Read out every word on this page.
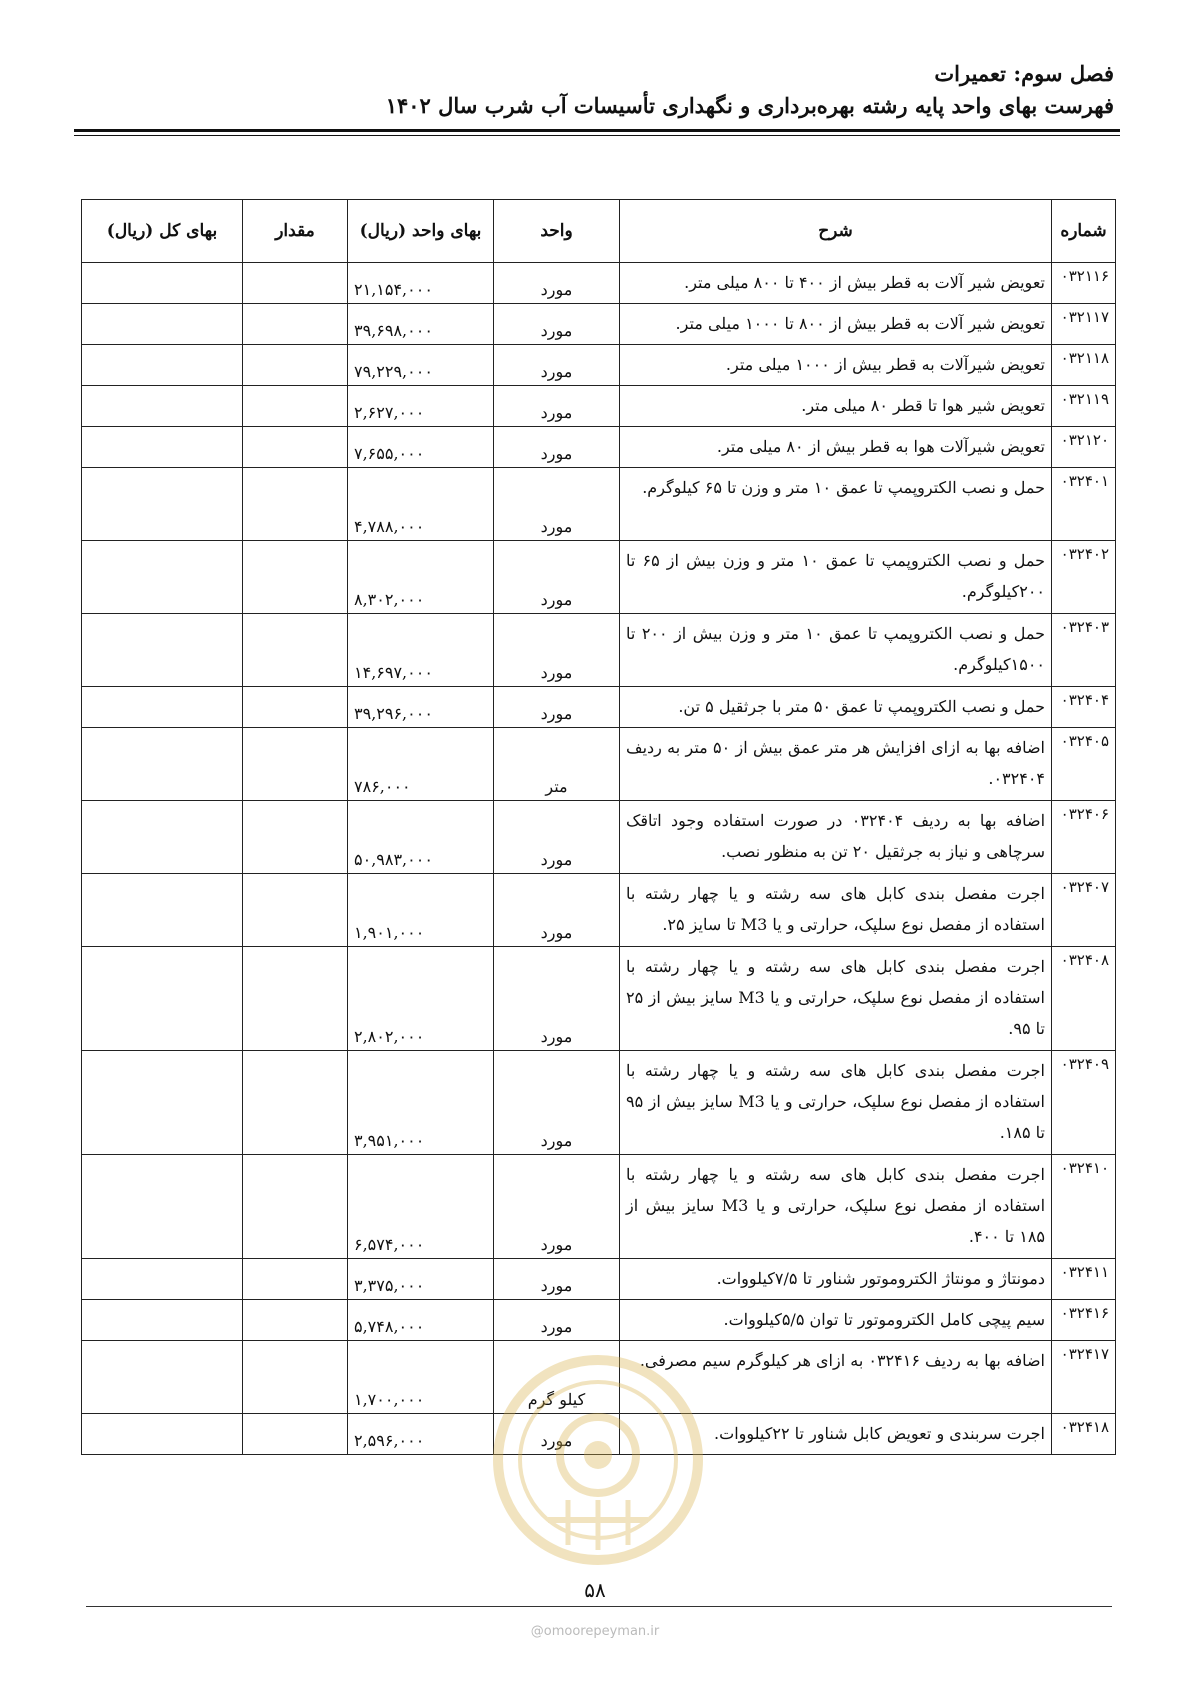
فصل سوم: تعمیرات
فهرست بهای واحد پایه رشته بهره‌برداری و نگهداری تأسیسات آب شرب سال ۱۴۰۲
شماره	شرح	واحد	بهای واحد (ریال)	مقدار	بهای کل (ریال)
۰۳۲۱۱۶	تعویض شیر آلات به قطر بیش از ۴۰۰ تا ۸۰۰ میلی متر.	مورد	۲۱,۱۵۴,۰۰۰		
۰۳۲۱۱۷	تعویض شیر آلات به قطر بیش از ۸۰۰ تا ۱۰۰۰ میلی متر.	مورد	۳۹,۶۹۸,۰۰۰		
۰۳۲۱۱۸	تعویض شیرآلات به قطر بیش از ۱۰۰۰ میلی متر.	مورد	۷۹,۲۲۹,۰۰۰		
۰۳۲۱۱۹	تعویض شیر هوا تا قطر ۸۰ میلی متر.	مورد	۲,۶۲۷,۰۰۰		
۰۳۲۱۲۰	تعویض شیرآلات هوا به قطر بیش از ۸۰ میلی متر.	مورد	۷,۶۵۵,۰۰۰		
۰۳۲۴۰۱	حمل و نصب الکتروپمپ تا عمق ۱۰ متر و وزن تا ۶۵ کیلوگرم.	مورد	۴,۷۸۸,۰۰۰		
۰۳۲۴۰۲	حمل و نصب الکتروپمپ تا عمق ۱۰ متر و وزن بیش از ۶۵ تا ۲۰۰کیلوگرم.	مورد	۸,۳۰۲,۰۰۰		
۰۳۲۴۰۳	حمل و نصب الکتروپمپ تا عمق ۱۰ متر و وزن بیش از ۲۰۰ تا ۱۵۰۰کیلوگرم.	مورد	۱۴,۶۹۷,۰۰۰		
۰۳۲۴۰۴	حمل و نصب الکتروپمپ تا عمق ۵۰ متر با جرثقیل ۵ تن.	مورد	۳۹,۲۹۶,۰۰۰		
۰۳۲۴۰۵	اضافه بها به ازای افزایش هر متر عمق بیش از ۵۰ متر به ردیف ۰۳۲۴۰۴.	متر	۷۸۶,۰۰۰		
۰۳۲۴۰۶	اضافه بها به ردیف ۰۳۲۴۰۴ در صورت استفاده وجود اتاقک سرچاهی و نیاز به جرثقیل ۲۰ تن به منظور نصب.	مورد	۵۰,۹۸۳,۰۰۰		
۰۳۲۴۰۷	اجرت مفصل بندی کابل های سه رشته و یا چهار رشته با استفاده از مفصل نوع سلپک، حرارتی و یا M3 تا سایز ۲۵.	مورد	۱,۹۰۱,۰۰۰		
۰۳۲۴۰۸	اجرت مفصل بندی کابل های سه رشته و یا چهار رشته با استفاده از مفصل نوع سلپک، حرارتی و یا M3 سایز بیش از ۲۵ تا ۹۵.	مورد	۲,۸۰۲,۰۰۰		
۰۳۲۴۰۹	اجرت مفصل بندی کابل های سه رشته و یا چهار رشته با استفاده از مفصل نوع سلپک، حرارتی و یا M3 سایز بیش از ۹۵ تا ۱۸۵.	مورد	۳,۹۵۱,۰۰۰		
۰۳۲۴۱۰	اجرت مفصل بندی کابل های سه رشته و یا چهار رشته با استفاده از مفصل نوع سلپک، حرارتی و یا M3 سایز بیش از ۱۸۵ تا ۴۰۰.	مورد	۶,۵۷۴,۰۰۰		
۰۳۲۴۱۱	دمونتاژ و مونتاژ الکتروموتور شناور تا ۷/۵کیلووات.	مورد	۳,۳۷۵,۰۰۰		
۰۳۲۴۱۶	سیم پیچی کامل الکتروموتور تا توان ۵/۵کیلووات.	مورد	۵,۷۴۸,۰۰۰		
۰۳۲۴۱۷	اضافه بها به ردیف ۰۳۲۴۱۶ به ازای هر کیلوگرم سیم مصرفی.	کیلو گرم	۱,۷۰۰,۰۰۰		
۰۳۲۴۱۸	اجرت سربندی و تعویض کابل شناور تا ۲۲کیلووات.	مورد	۲,۵۹۶,۰۰۰		
۵۸
@omoorepeyman.ir
